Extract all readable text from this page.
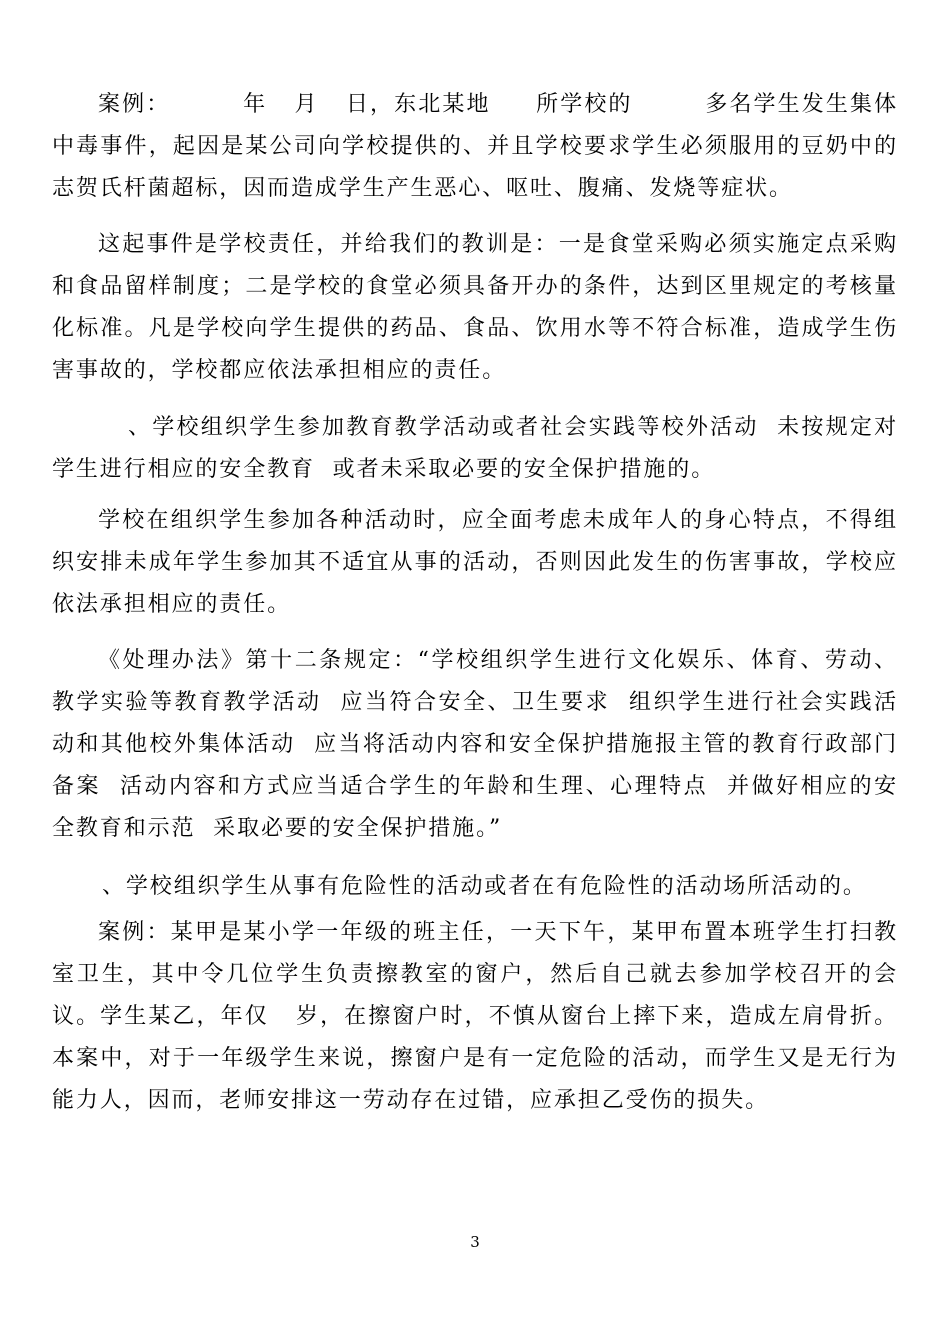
案例：        年   月   日，东北某地     所学校的        多名学生发生集体中毒事件，起因是某公司向学校提供的、并且学校要求学生必须服用的豆奶中的志贺氏杆菌超标，因而造成学生产生恶心、呕吐、腹痛、发烧等症状。

这起事件是学校责任，并给我们的教训是：一是食堂采购必须实施定点采购和食品留样制度；二是学校的食堂必须具备开办的条件，达到区里规定的考核量化标准。凡是学校向学生提供的药品、食品、饮用水等不符合标准，造成学生伤害事故的，学校都应依法承担相应的责任。

、学校组织学生参加教育教学活动或者社会实践等校外活动  未按规定对学生进行相应的安全教育  或者未采取必要的安全保护措施的。

学校在组织学生参加各种活动时，应全面考虑未成年人的身心特点，不得组织安排未成年学生参加其不适宜从事的活动，否则因此发生的伤害事故，学校应依法承担相应的责任。

《处理办法》第十二条规定：“学校组织学生进行文化娱乐、体育、劳动、教学实验等教育教学活动  应当符合安全、卫生要求  组织学生进行社会实践活动和其他校外集体活动  应当将活动内容和安全保护措施报主管的教育行政部门备案  活动内容和方式应当适合学生的年龄和生理、心理特点  并做好相应的安全教育和示范  采取必要的安全保护措施。”

、学校组织学生从事有危险性的活动或者在有危险性的活动场所活动的。

案例：某甲是某小学一年级的班主任，一天下午，某甲布置本班学生打扫教室卫生，其中令几位学生负责擦教室的窗户，然后自己就去参加学校召开的会议。学生某乙，年仅   岁，在擦窗户时，不慎从窗台上摔下来，造成左肩骨折。本案中，对于一年级学生来说，擦窗户是有一定危险的活动，而学生又是无行为能力人，因而，老师安排这一劳动存在过错，应承担乙受伤的损失。

3
